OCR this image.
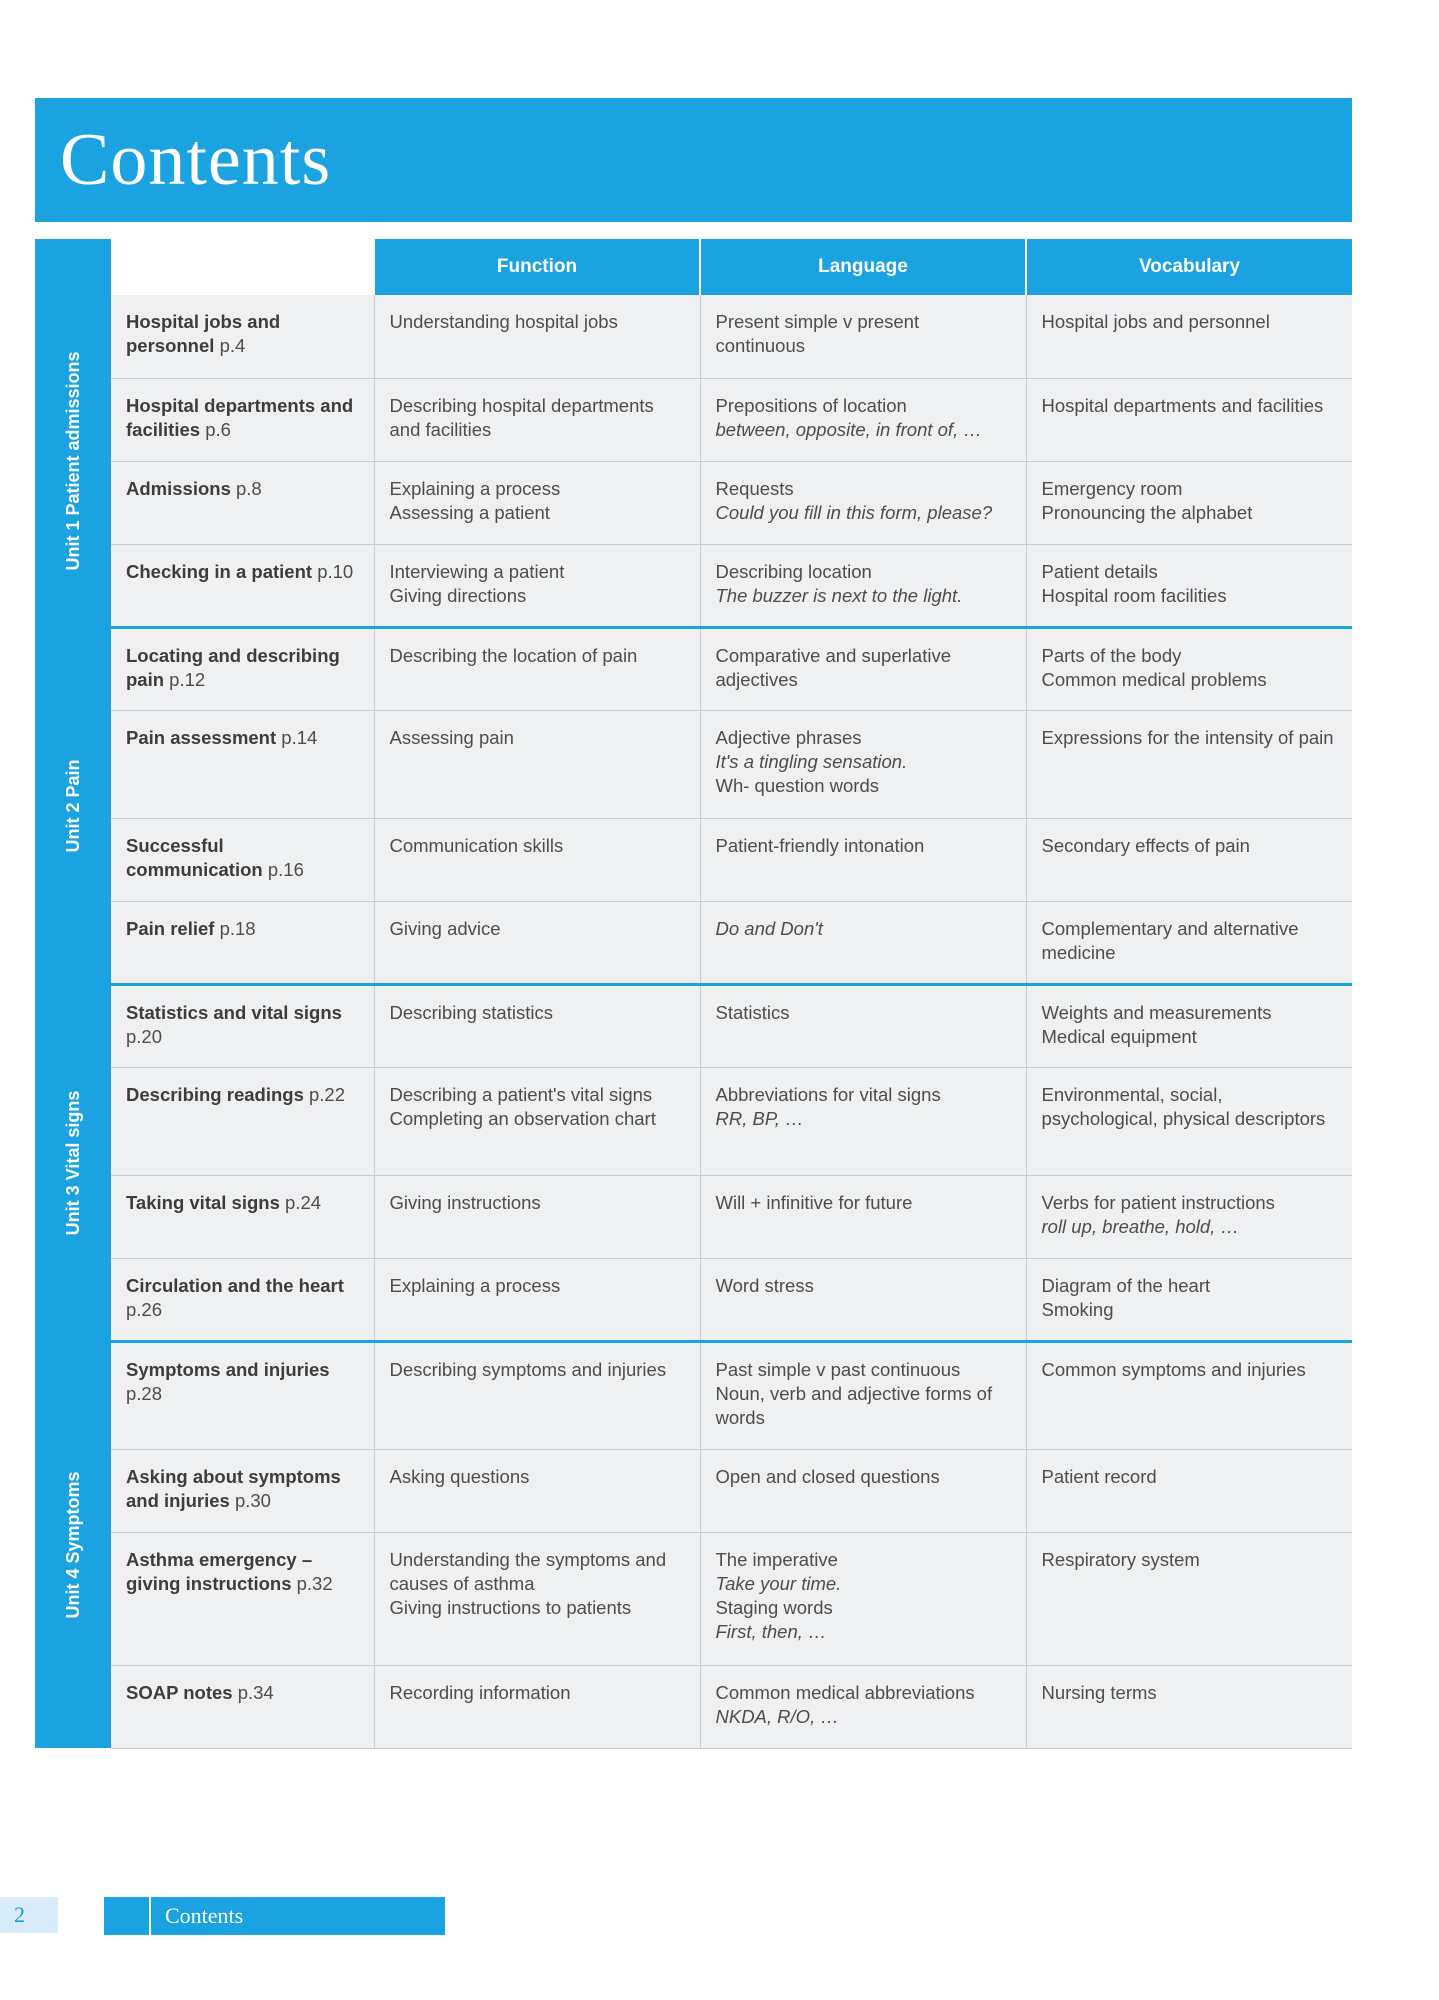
Contents
		Function	Language	Vocabulary

Unit 1 Patient admissions	Hospital jobs and personnel p.4	Understanding hospital jobs	Present simple v present continuous	Hospital jobs and personnel

	Hospital departments and facilities p.6	Describing hospital departments and facilities	Prepositions of location
between, opposite, in front of, …	Hospital departments and facilities

	Admissions p.8	Explaining a process
Assessing a patient	Requests
Could you fill in this form, please?	Emergency room
Pronouncing the alphabet

	Checking in a patient p.10	Interviewing a patient
Giving directions	Describing location
The buzzer is next to the light.	Patient details
Hospital room facilities

Unit 2 Pain	Locating and describing pain p.12	Describing the location of pain	Comparative and superlative adjectives	Parts of the body
Common medical problems

	Pain assessment p.14	Assessing pain	Adjective phrases
It's a tingling sensation.
Wh- question words	Expressions for the intensity of pain

	Successful communication p.16	Communication skills	Patient-friendly intonation	Secondary effects of pain

	Pain relief p.18	Giving advice	Do and Don't	Complementary and alternative medicine

Unit 3 Vital signs	Statistics and vital signs p.20	Describing statistics	Statistics	Weights and measurements
Medical equipment

	Describing readings p.22	Describing a patient's vital signs
Completing an observation chart	Abbreviations for vital signs
RR, BP, …	Environmental, social, psychological, physical descriptors

	Taking vital signs p.24	Giving instructions	Will + infinitive for future	Verbs for patient instructions
roll up, breathe, hold, …

	Circulation and the heart p.26	Explaining a process	Word stress	Diagram of the heart
Smoking

Unit 4 Symptoms	Symptoms and injuries p.28	Describing symptoms and injuries	Past simple v past continuous
Noun, verb and adjective forms of words	Common symptoms and injuries

	Asking about symptoms and injuries p.30	Asking questions	Open and closed questions	Patient record

	Asthma emergency – giving instructions p.32	Understanding the symptoms and causes of asthma
Giving instructions to patients	The imperative
Take your time.
Staging words
First, then, …	Respiratory system

	SOAP notes p.34	Recording information	Common medical abbreviations
NKDA, R/O, …	Nursing terms
2	Contents
